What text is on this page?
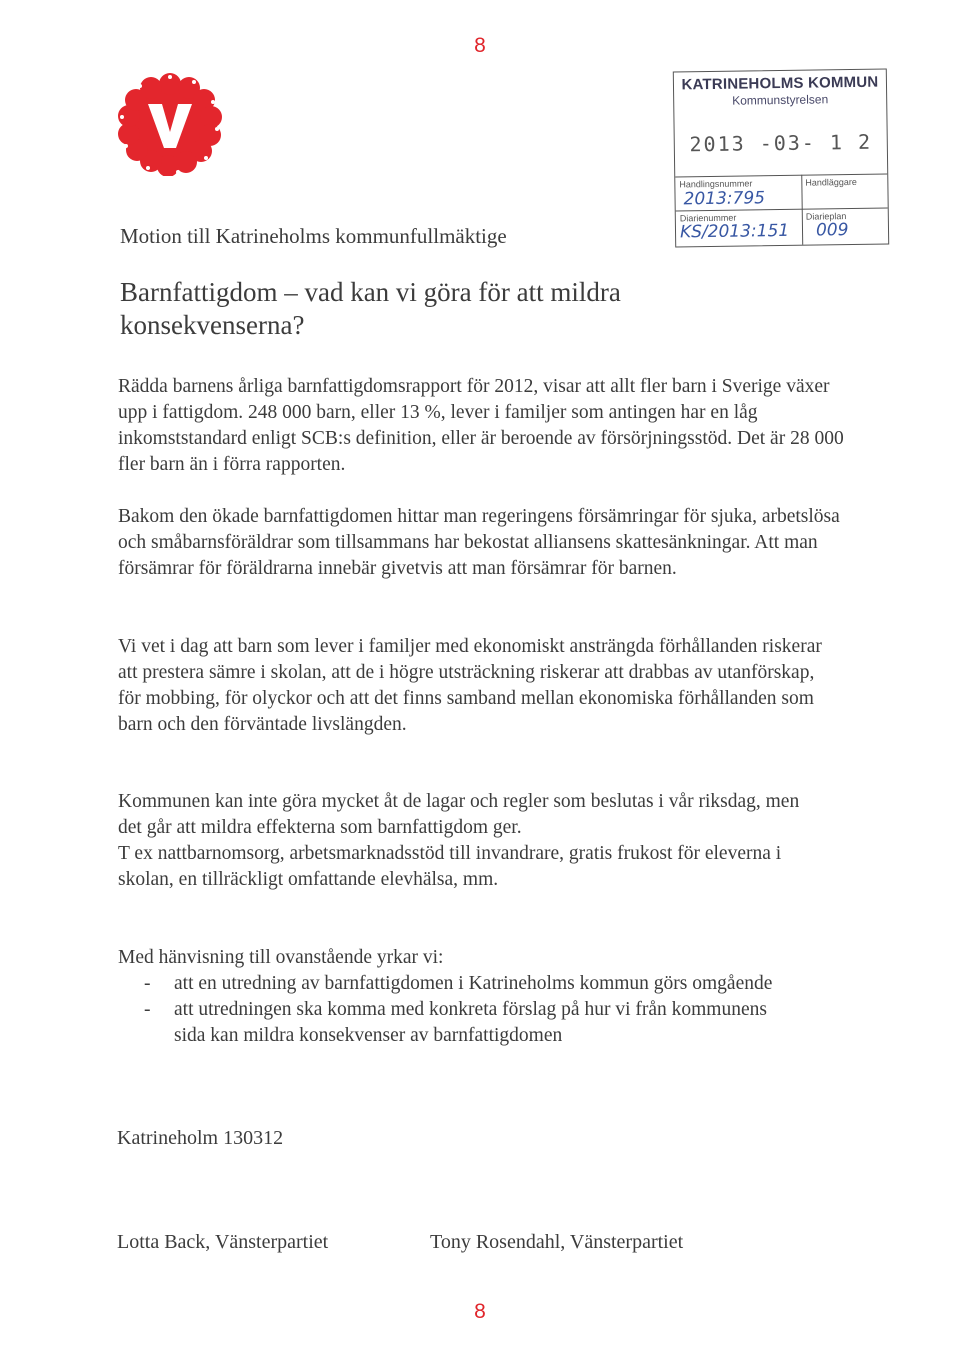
8
KATRINEHOLMS KOMMUN
Kommunstyrelsen
2013 -03- 1 2
Handlingsnummer
2013:795
Handläggare
Diarienummer
KS/2013:151
Diarieplan
009
Motion till Katrineholms kommunfullmäktige
Barnfattigdom – vad kan vi göra för att mildra konsekvenserna?

Rädda barnens årliga barnfattigdomsrapport för 2012, visar att allt fler barn i Sverige växer upp i fattigdom. 248 000 barn, eller 13 %, lever i familjer som antingen har en låg inkomststandard enligt SCB:s definition, eller är beroende av försörjningsstöd. Det är 28 000 fler barn än i förra rapporten.

Bakom den ökade barnfattigdomen hittar man regeringens försämringar för sjuka, arbetslösa och småbarnsföräldrar som tillsammans har bekostat alliansens skattesänkningar. Att man försämrar för föräldrarna innebär givetvis att man försämrar för barnen.

Vi vet i dag att barn som lever i familjer med ekonomiskt ansträngda förhållanden riskerar att prestera sämre i skolan, att de i högre utsträckning riskerar att drabbas av utanförskap, för mobbing, för olyckor och att det finns samband mellan ekonomiska förhållanden som barn och den förväntade livslängden.

Kommunen kan inte göra mycket åt de lagar och regler som beslutas i vår riksdag, men det går att mildra effekterna som barnfattigdom ger.

T ex nattbarnomsorg, arbetsmarknadsstöd till invandrare, gratis frukost för eleverna i skolan, en tillräckligt omfattande elevhälsa, mm.

Med hänvisning till ovanstående yrkar vi:

- att en utredning av barnfattigdomen i Katrineholms kommun görs omgående
- att utredningen ska komma med konkreta förslag på hur vi från kommunens sida kan mildra konsekvenser av barnfattigdomen
Katrineholm 130312
Lotta Back, Vänsterpartiet	Tony Rosendahl, Vänsterpartiet
8
